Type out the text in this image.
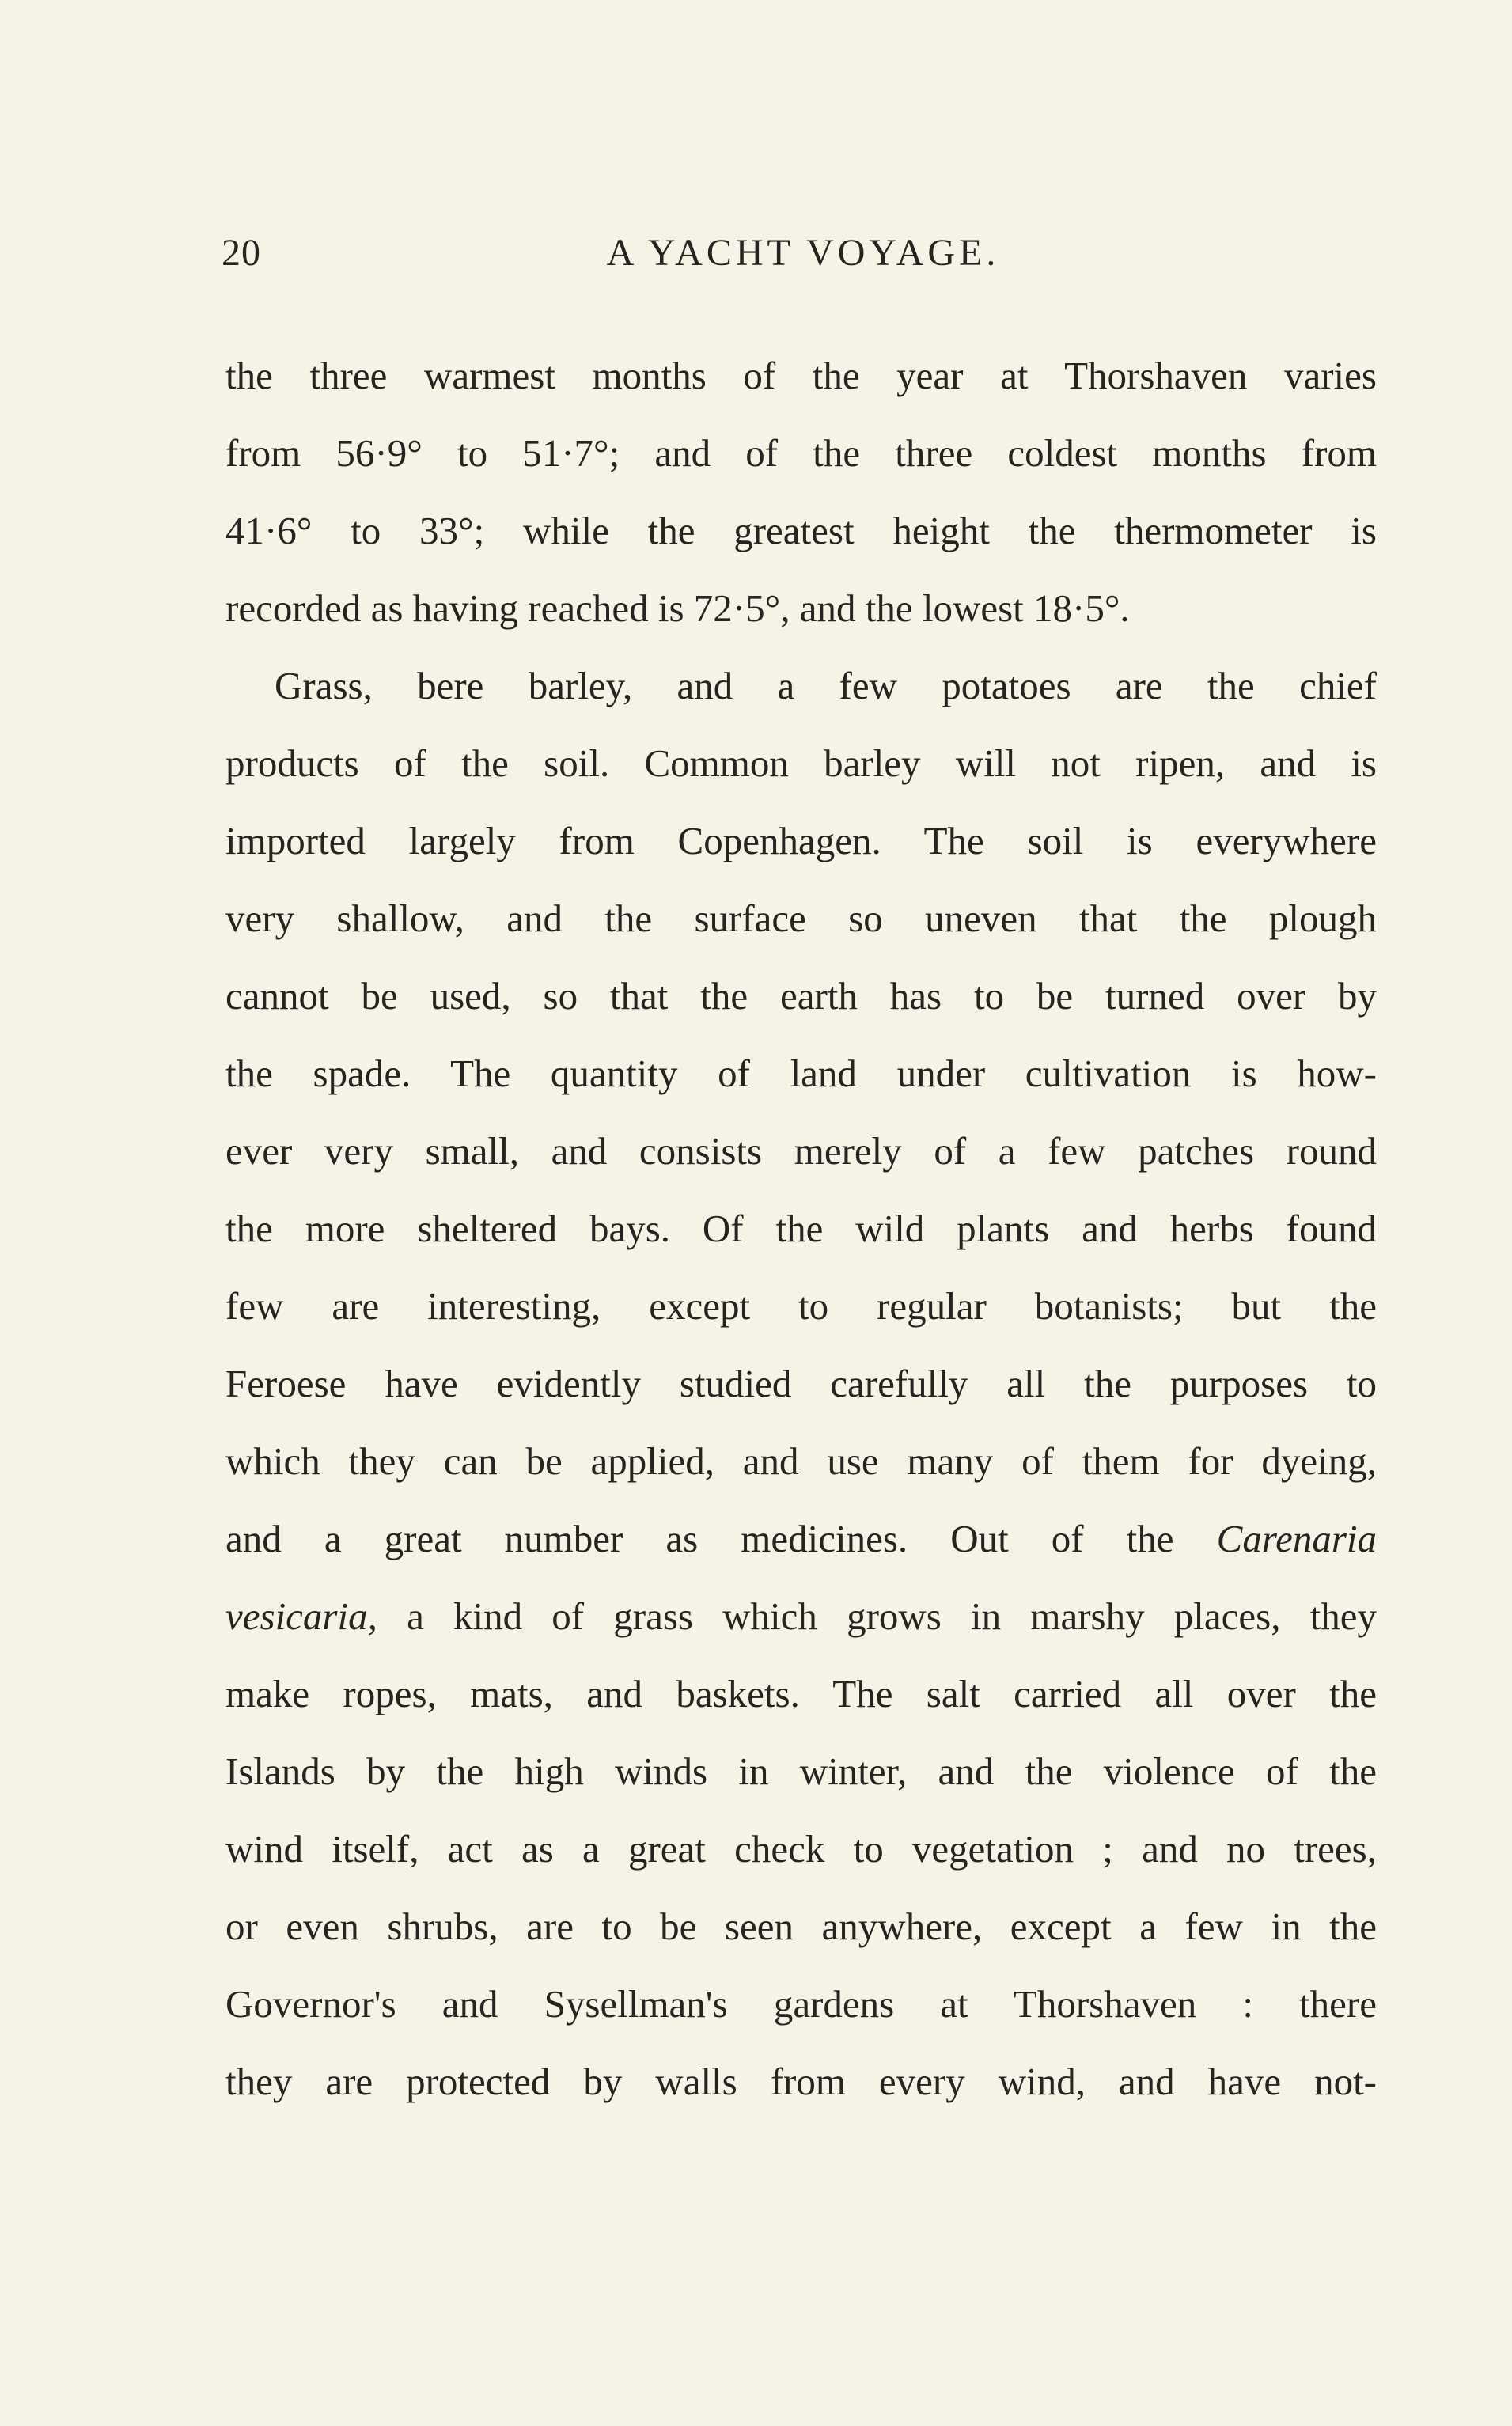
20	A YACHT VOYAGE.
the three warmest months of the year at Thorshaven varies
from 56·9° to 51·7°; and of the three coldest months from
41·6° to 33°; while the greatest height the thermometer is
recorded as having reached is 72·5°, and the lowest 18·5°.
Grass, bere barley, and a few potatoes are the chief
products of the soil. Common barley will not ripen, and is
imported largely from Copenhagen. The soil is everywhere
very shallow, and the surface so uneven that the plough
cannot be used, so that the earth has to be turned over by
the spade. The quantity of land under cultivation is how-
ever very small, and consists merely of a few patches round
the more sheltered bays. Of the wild plants and herbs found
few are interesting, except to regular botanists; but the
Feroese have evidently studied carefully all the purposes to
which they can be applied, and use many of them for dyeing,
and a great number as medicines. Out of the Carenaria
vesicaria, a kind of grass which grows in marshy places, they
make ropes, mats, and baskets. The salt carried all over the
Islands by the high winds in winter, and the violence of the
wind itself, act as a great check to vegetation ; and no trees,
or even shrubs, are to be seen anywhere, except a few in the
Governor's and Sysellman's gardens at Thorshaven : there
they are protected by walls from every wind, and have not-
